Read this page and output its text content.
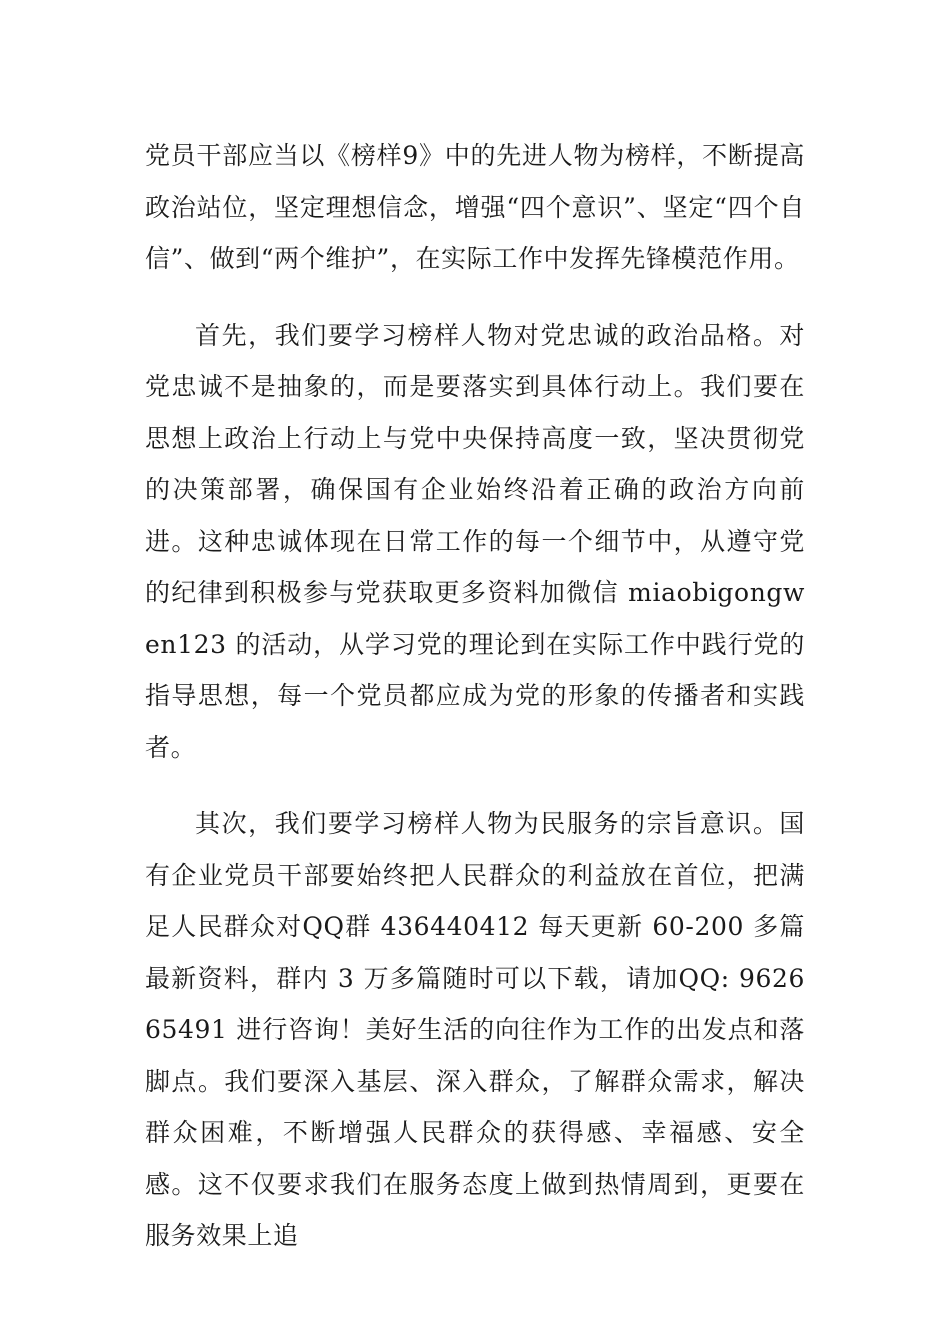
党员干部应当以《榜样9》中的先进人物为榜样，不断提高政治站位，坚定理想信念，增强“四个意识”、坚定“四个自信”、做到“两个维护”，在实际工作中发挥先锋模范作用。

首先，我们要学习榜样人物对党忠诚的政治品格。对党忠诚不是抽象的，而是要落实到具体行动上。我们要在思想上政治上行动上与党中央保持高度一致，坚决贯彻党的决策部署，确保国有企业始终沿着正确的政治方向前进。这种忠诚体现在日常工作的每一个细节中，从遵守党的纪律到积极参与党获取更多资料加微信 miaobigongwen123 的活动，从学习党的理论到在实际工作中践行党的指导思想，每一个党员都应成为党的形象的传播者和实践者。

其次，我们要学习榜样人物为民服务的宗旨意识。国有企业党员干部要始终把人民群众的利益放在首位，把满足人民群众对QQ群 436440412 每天更新 60-200 多篇最新资料，群内 3 万多篇随时可以下载，请加QQ: 962665491 进行咨询！美好生活的向往作为工作的出发点和落脚点。我们要深入基层、深入群众，了解群众需求，解决群众困难，不断增强人民群众的获得感、幸福感、安全感。这不仅要求我们在服务态度上做到热情周到，更要在服务效果上追
